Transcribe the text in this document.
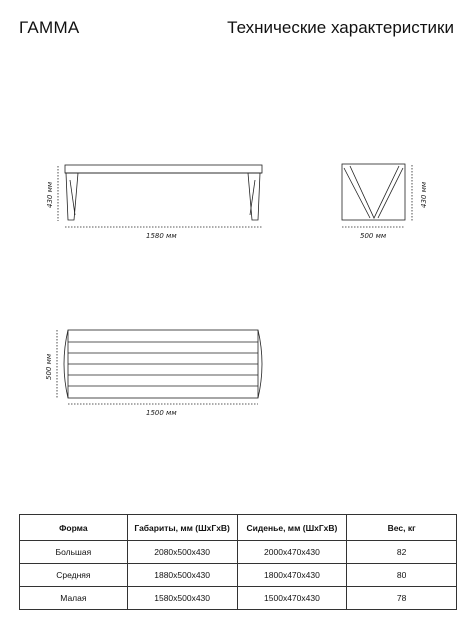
ГАММА	Технические характеристики
430 мм
1580 мм
430 мм
500 мм
500 мм
1500 мм
Форма	Габариты, мм (ШхГхВ)	Сиденье, мм (ШхГхВ)	Вес, кг
Большая	2080x500x430	2000x470x430	82
Средняя	1880x500x430	1800x470x430	80
Малая	1580x500x430	1500x470x430	78
